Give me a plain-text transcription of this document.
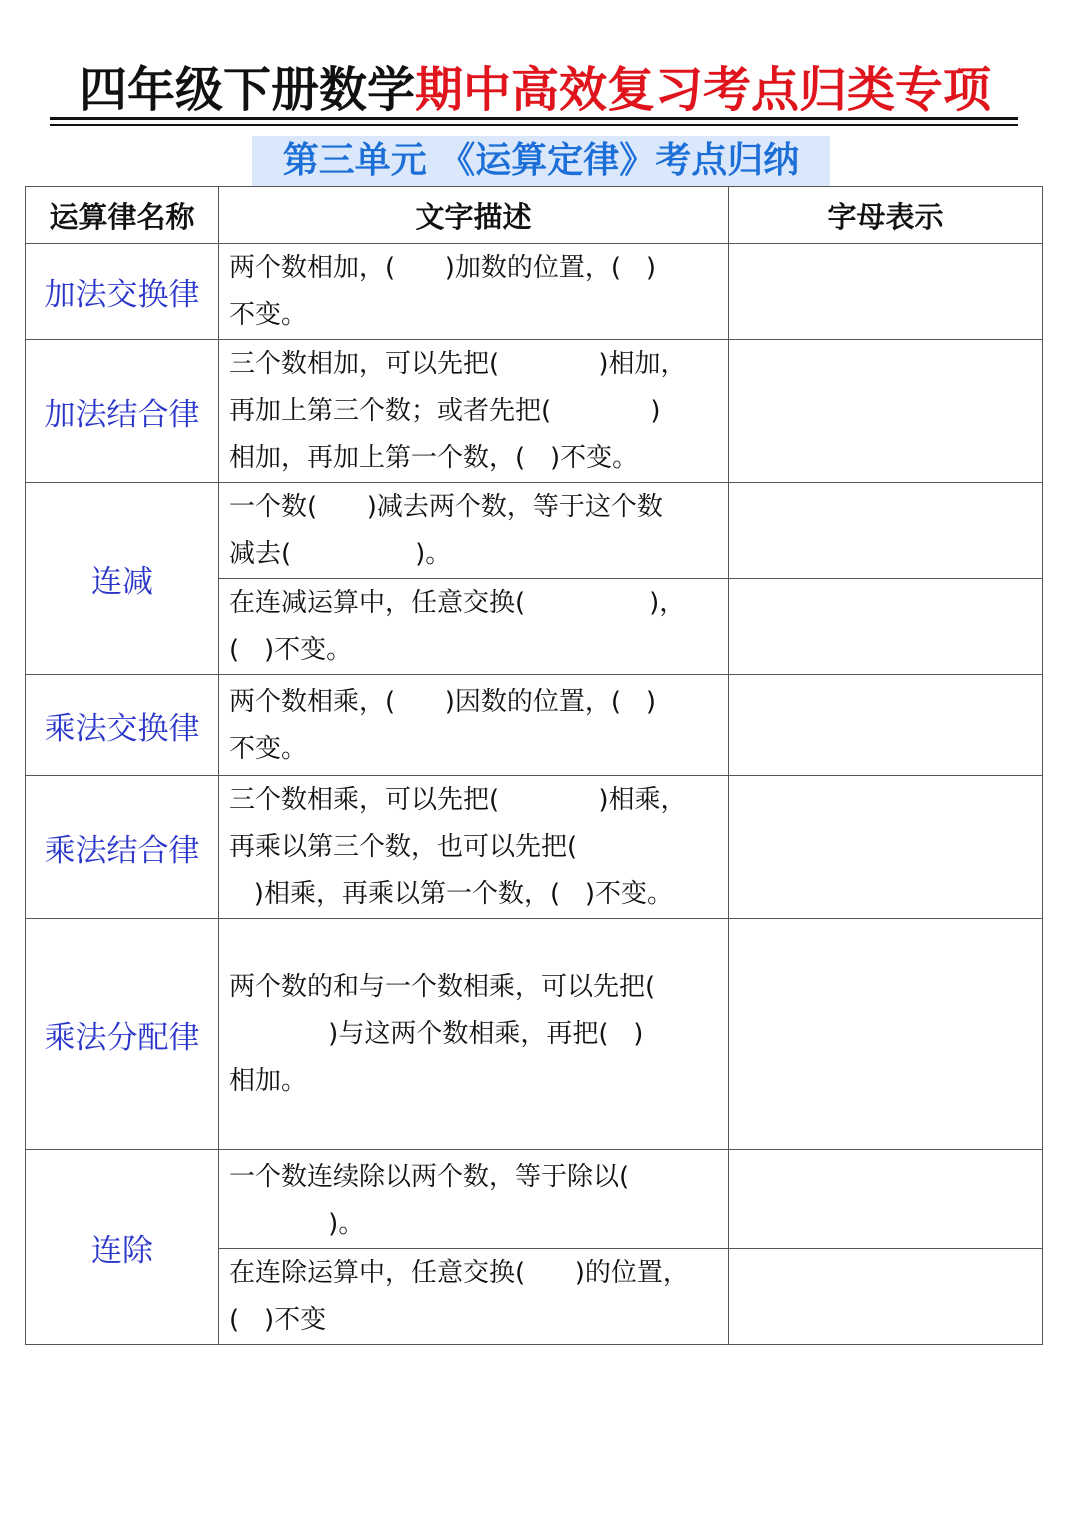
四年级下册数学期中高效复习考点归类专项
第三单元 《运算定律》考点归纳
运算律名称	文字描述	字母表示
加法交换律	两个数相加，(      )加数的位置，(   )
不变。	

加法结合律	三个数相加，可以先把(            )相加，
再加上第三个数；或者先把(            )
相加，再加上第一个数，(   )不变。	

连减	一个数(      )减去两个数，等于这个数
减去(               )。	

	在连减运算中，任意交换(               )，
(   )不变。	

乘法交换律	两个数相乘，(      )因数的位置，(   )
不变。	

乘法结合律	三个数相乘，可以先把(            )相乘，
再乘以第三个数，也可以先把(
)相乘，再乘以第一个数，(   )不变。	

乘法分配律	两个数的和与一个数相乘，可以先把(
)与这两个数相乘，再把(   )
相加。	

连除	一个数连续除以两个数，等于除以(
)。	

	在连除运算中，任意交换(      )的位置，
(   )不变	
